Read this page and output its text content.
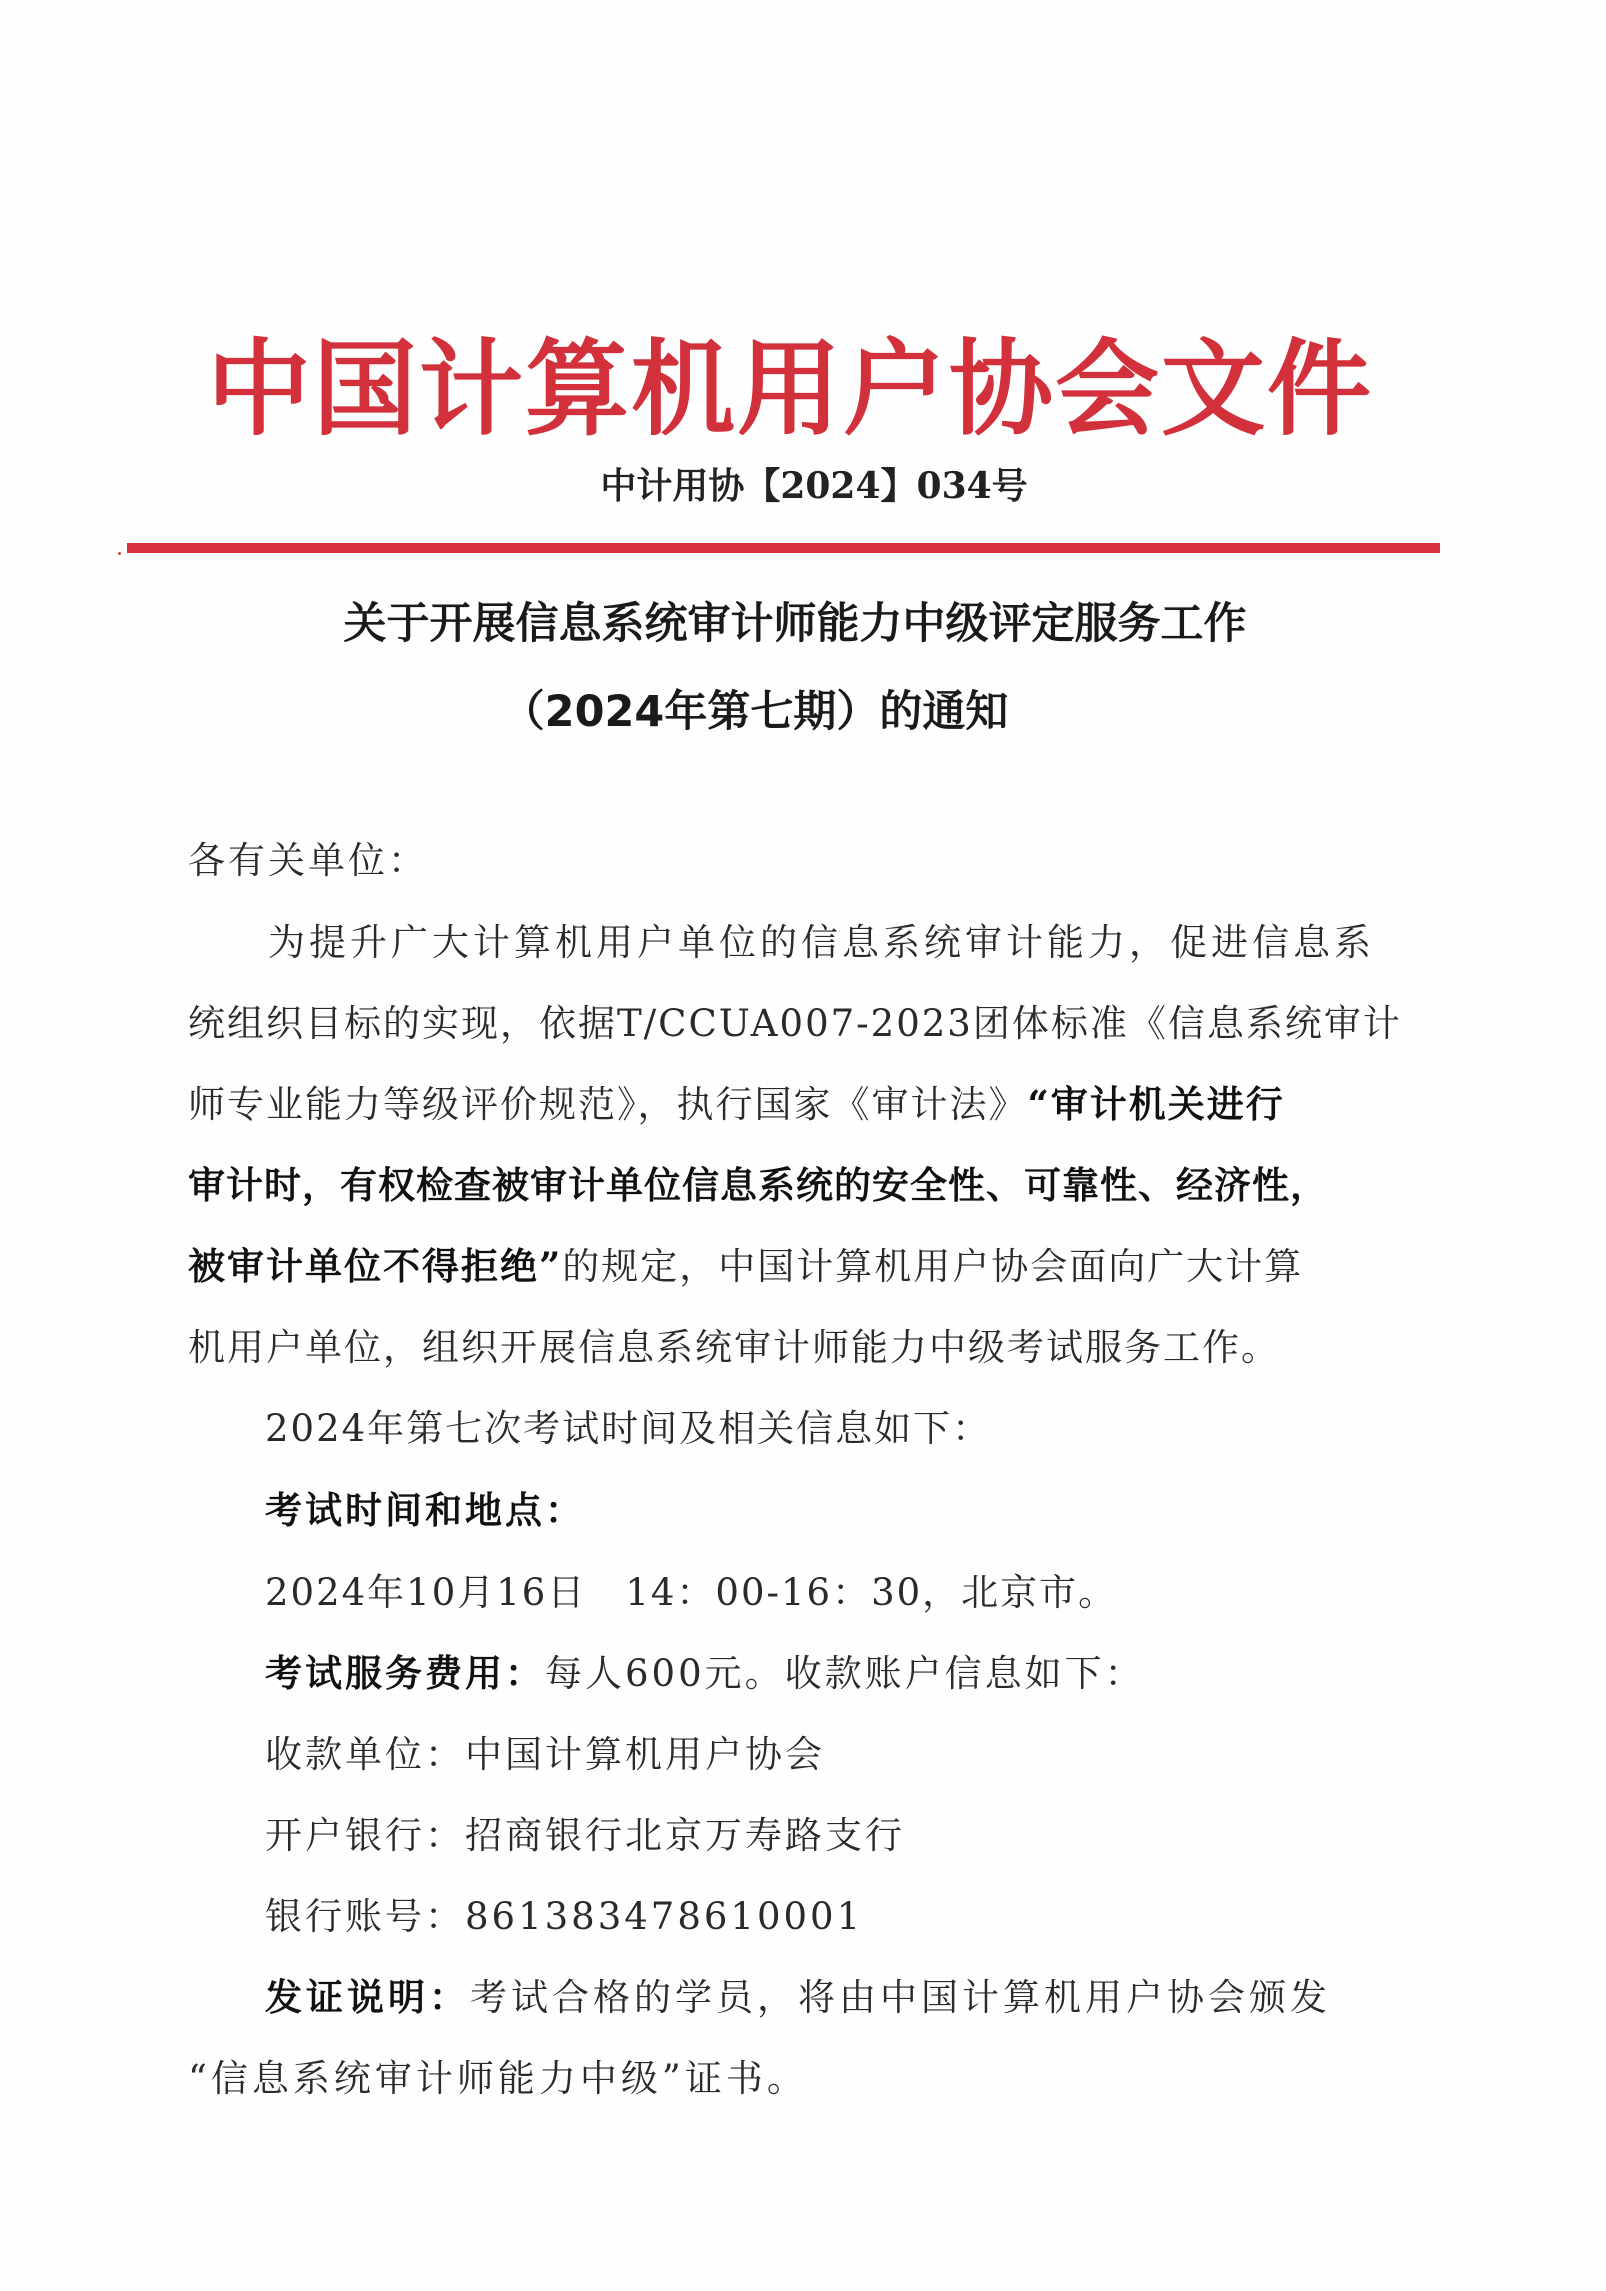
中国计算机用户协会文件
中计用协【2024】034号
关于开展信息系统审计师能力中级评定服务工作
（2024年第七期）的通知
各有关单位：
为提升广大计算机用户单位的信息系统审计能力，促进信息系
统组织目标的实现，依据T/CCUA007-2023团体标准《信息系统审计
师专业能力等级评价规范》，执行国家《审计法》“审计机关进行
审计时，有权检查被审计单位信息系统的安全性、可靠性、经济性，
被审计单位不得拒绝”的规定，中国计算机用户协会面向广大计算
机用户单位，组织开展信息系统审计师能力中级考试服务工作。
2024年第七次考试时间及相关信息如下：
考试时间和地点：
2024年10月16日　14：00-16：30，北京市。
考试服务费用：每人600元。收款账户信息如下：
收款单位：中国计算机用户协会
开户银行：招商银行北京万寿路支行
银行账号：861383478610001
发证说明：考试合格的学员，将由中国计算机用户协会颁发
“信息系统审计师能力中级”证书。
